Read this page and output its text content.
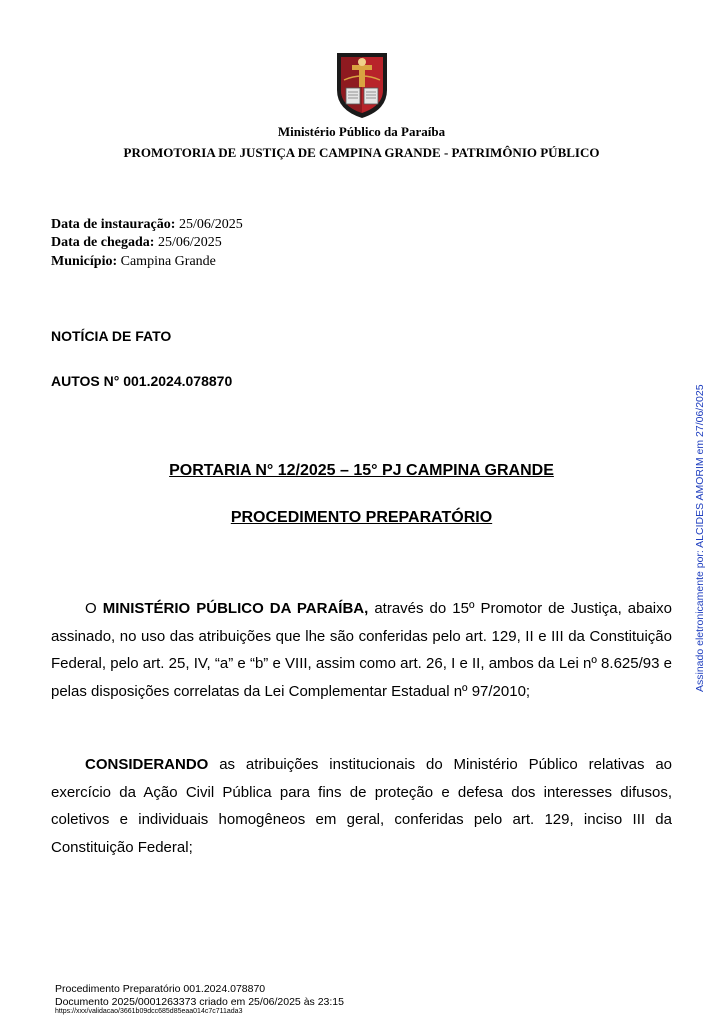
Ministério Público da Paraíba
PROMOTORIA DE JUSTIÇA DE CAMPINA GRANDE - PATRIMÔNIO PÚBLICO
Data de instauração: 25/06/2025
Data de chegada: 25/06/2025
Município: Campina Grande
NOTÍCIA DE FATO
AUTOS N° 001.2024.078870
PORTARIA N° 12/2025 – 15° PJ CAMPINA GRANDE
PROCEDIMENTO PREPARATÓRIO

O MINISTÉRIO PÚBLICO DA PARAÍBA, através do 15º Promotor de Justiça, abaixo assinado, no uso das atribuições que lhe são conferidas pelo art. 129, II e III da Constituição Federal, pelo art. 25, IV, “a” e “b” e VIII, assim como art. 26, I e II, ambos da Lei nº 8.625/93 e pelas disposições correlatas da Lei Complementar Estadual nº 97/2010;

CONSIDERANDO as atribuições institucionais do Ministério Público relativas ao exercício da Ação Civil Pública para fins de proteção e defesa dos interesses difusos, coletivos e individuais homogêneos em geral, conferidas pelo art. 129, inciso III da Constituição Federal;

Assinado eletronicamente por: ALCIDES AMORIM em 27/06/2025
Procedimento Preparatório 001.2024.078870
Documento 2025/0001263373 criado em 25/06/2025 às 23:15
https://xxx/validacao/3661b09dcc685d85eaa014c7c711ada3
